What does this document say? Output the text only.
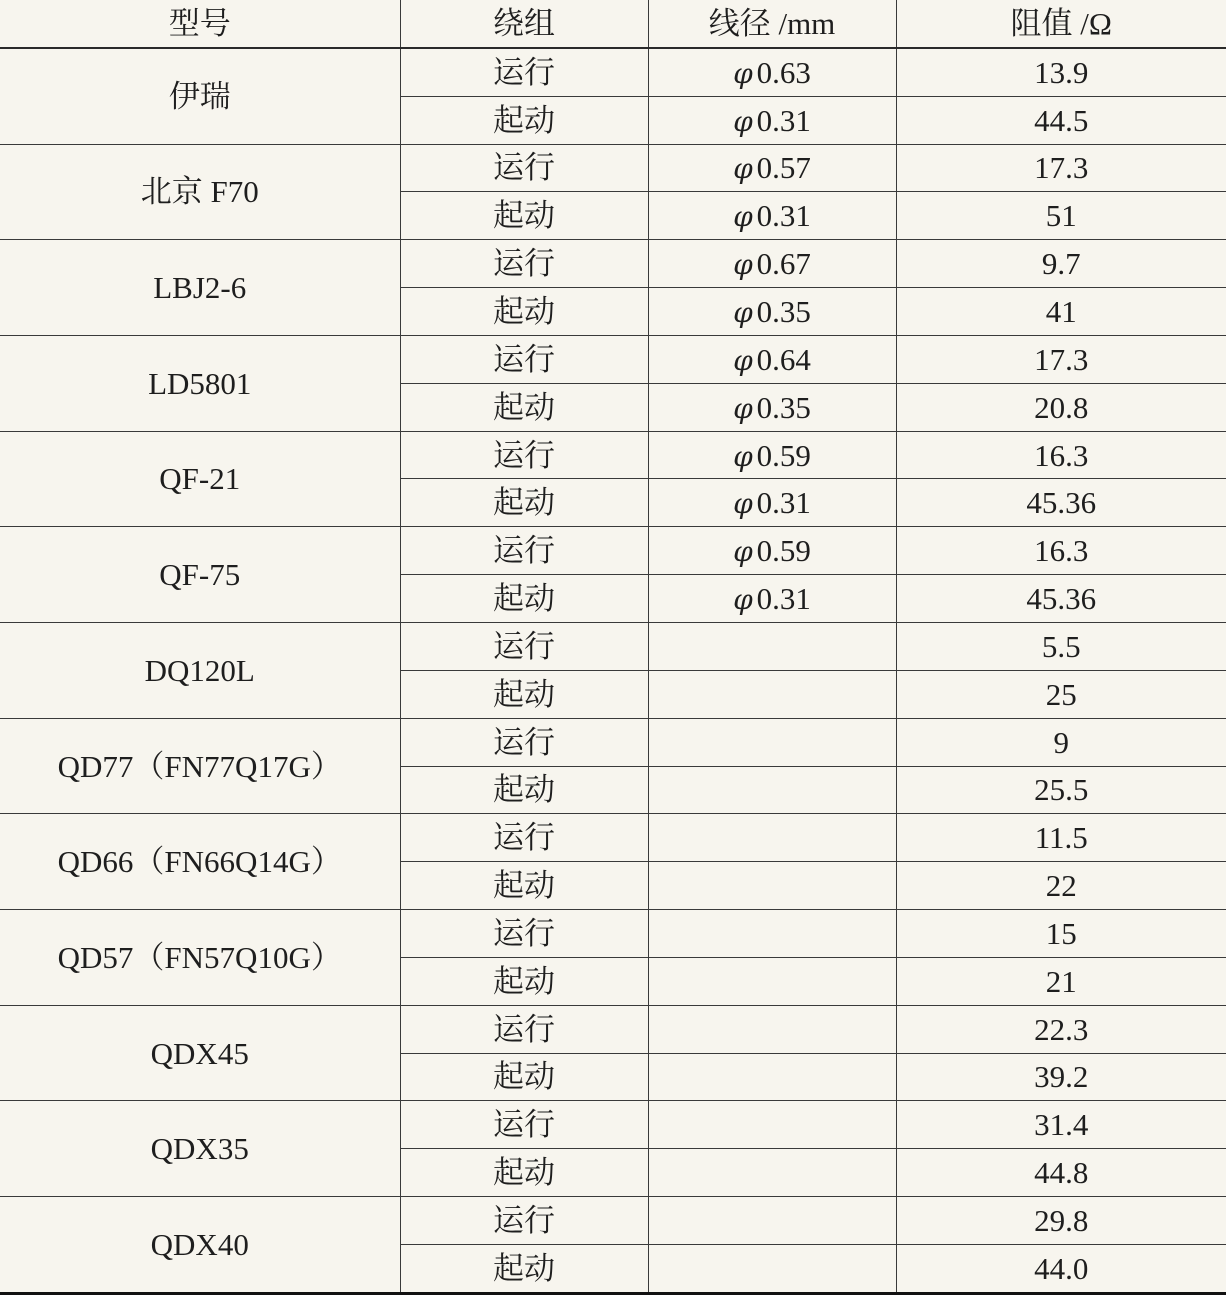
型号	绕组	线径 /mm	阻值 /Ω
伊瑞	运行	φ 0.63	13.9
	起动	φ 0.31	44.5
北京 F70	运行	φ 0.57	17.3
	起动	φ 0.31	51
LBJ2-6	运行	φ 0.67	9.7
	起动	φ 0.35	41
LD5801	运行	φ 0.64	17.3
	起动	φ 0.35	20.8
QF-21	运行	φ 0.59	16.3
	起动	φ 0.31	45.36
QF-75	运行	φ 0.59	16.3
	起动	φ 0.31	45.36
DQ120L	运行		5.5
	起动		25
QD77（FN77Q17G）	运行		9
	起动		25.5
QD66（FN66Q14G）	运行		11.5
	起动		22
QD57（FN57Q10G）	运行		15
	起动		21
QDX45	运行		22.3
	起动		39.2
QDX35	运行		31.4
	起动		44.8
QDX40	运行		29.8
	起动		44.0
